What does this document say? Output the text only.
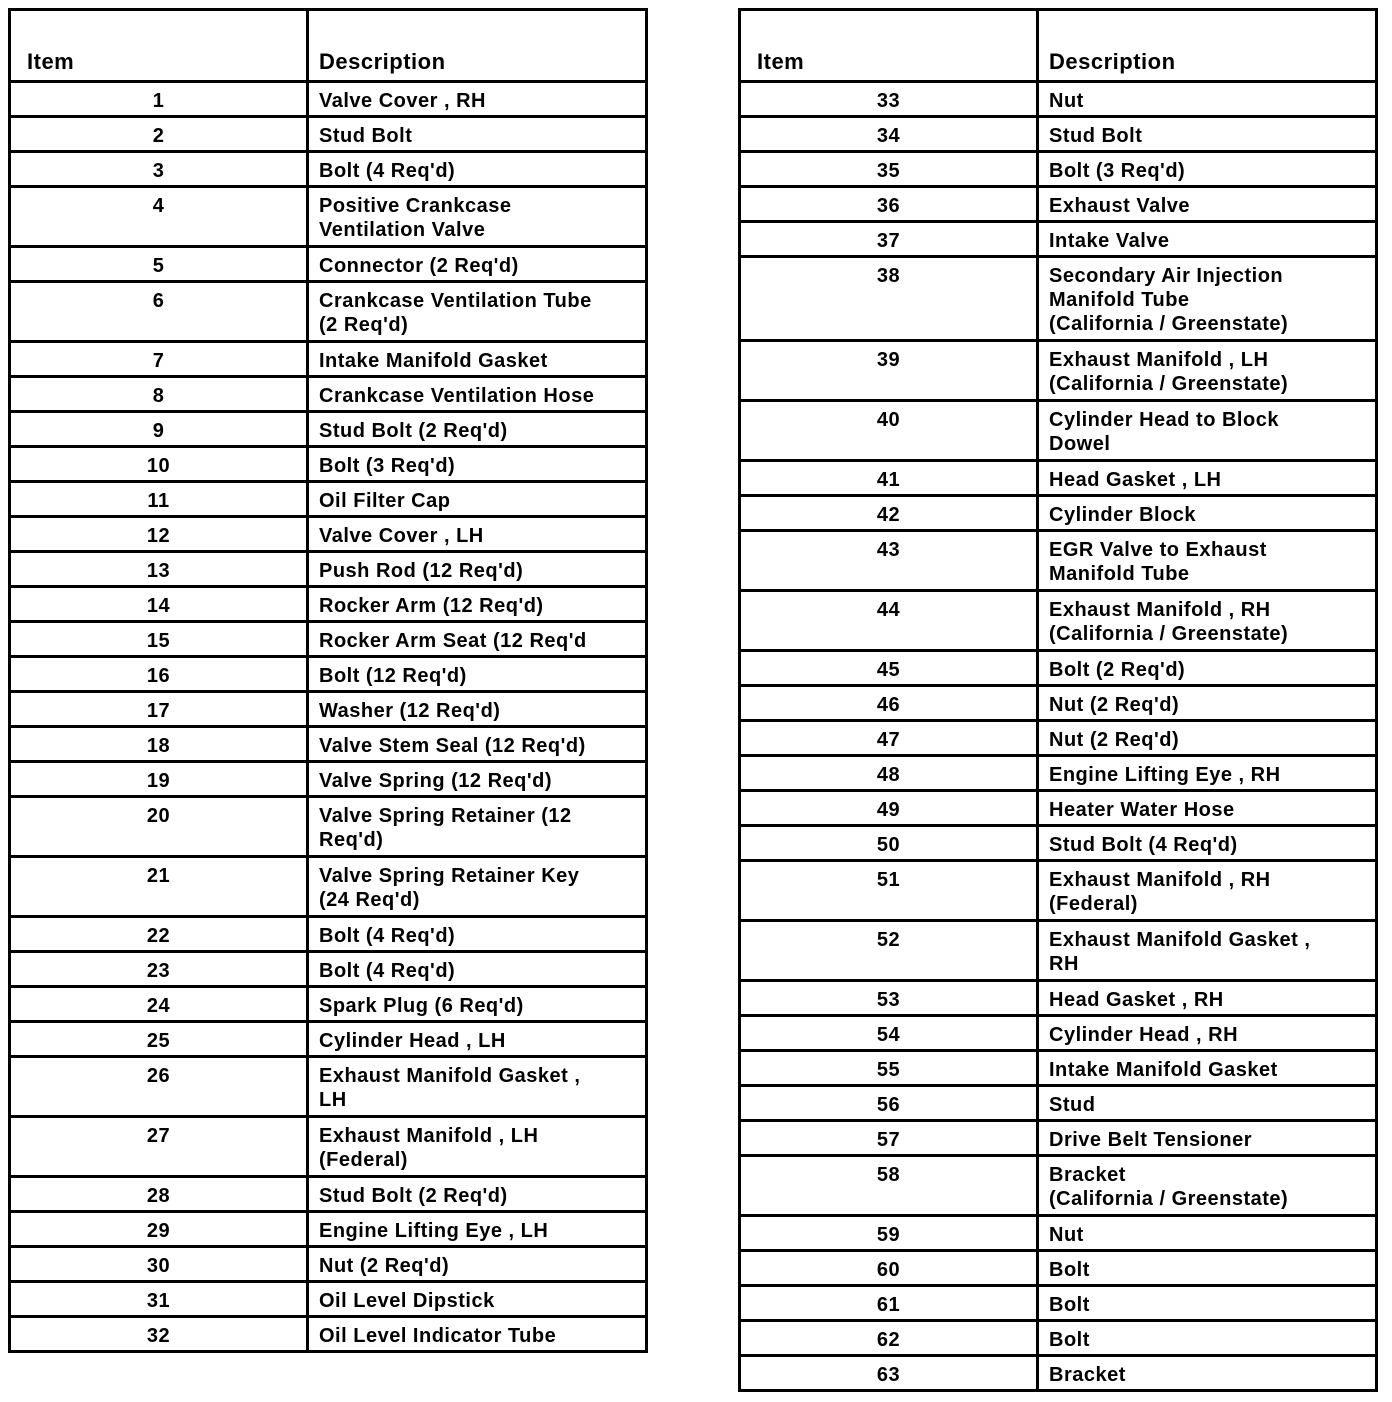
Item	Description
1	Valve Cover , RH
2	Stud Bolt
3	Bolt (4 Req'd)
4	Positive Crankcase
Ventilation Valve
5	Connector (2 Req'd)
6	Crankcase Ventilation Tube
(2 Req'd)
7	Intake Manifold Gasket
8	Crankcase Ventilation Hose
9	Stud Bolt (2 Req'd)
10	Bolt (3 Req'd)
11	Oil Filter Cap
12	Valve Cover , LH
13	Push Rod (12 Req'd)
14	Rocker Arm (12 Req'd)
15	Rocker Arm Seat (12 Req'd
16	Bolt (12 Req'd)
17	Washer (12 Req'd)
18	Valve Stem Seal (12 Req'd)
19	Valve Spring (12 Req'd)
20	Valve Spring Retainer (12
Req'd)
21	Valve Spring Retainer Key
(24 Req'd)
22	Bolt (4 Req'd)
23	Bolt (4 Req'd)
24	Spark Plug (6 Req'd)
25	Cylinder Head , LH
26	Exhaust Manifold Gasket ,
LH
27	Exhaust Manifold , LH
(Federal)
28	Stud Bolt (2 Req'd)
29	Engine Lifting Eye , LH
30	Nut (2 Req'd)
31	Oil Level Dipstick
32	Oil Level Indicator Tube
Item	Description
33	Nut
34	Stud Bolt
35	Bolt (3 Req'd)
36	Exhaust Valve
37	Intake Valve
38	Secondary Air Injection
Manifold Tube
(California / Greenstate)
39	Exhaust Manifold , LH
(California / Greenstate)
40	Cylinder Head to Block
Dowel
41	Head Gasket , LH
42	Cylinder Block
43	EGR Valve to Exhaust
Manifold Tube
44	Exhaust Manifold , RH
(California / Greenstate)
45	Bolt (2 Req'd)
46	Nut (2 Req'd)
47	Nut (2 Req'd)
48	Engine Lifting Eye , RH
49	Heater Water Hose
50	Stud Bolt (4 Req'd)
51	Exhaust Manifold , RH
(Federal)
52	Exhaust Manifold Gasket ,
RH
53	Head Gasket , RH
54	Cylinder Head , RH
55	Intake Manifold Gasket
56	Stud
57	Drive Belt Tensioner
58	Bracket
(California / Greenstate)
59	Nut
60	Bolt
61	Bolt
62	Bolt
63	Bracket
